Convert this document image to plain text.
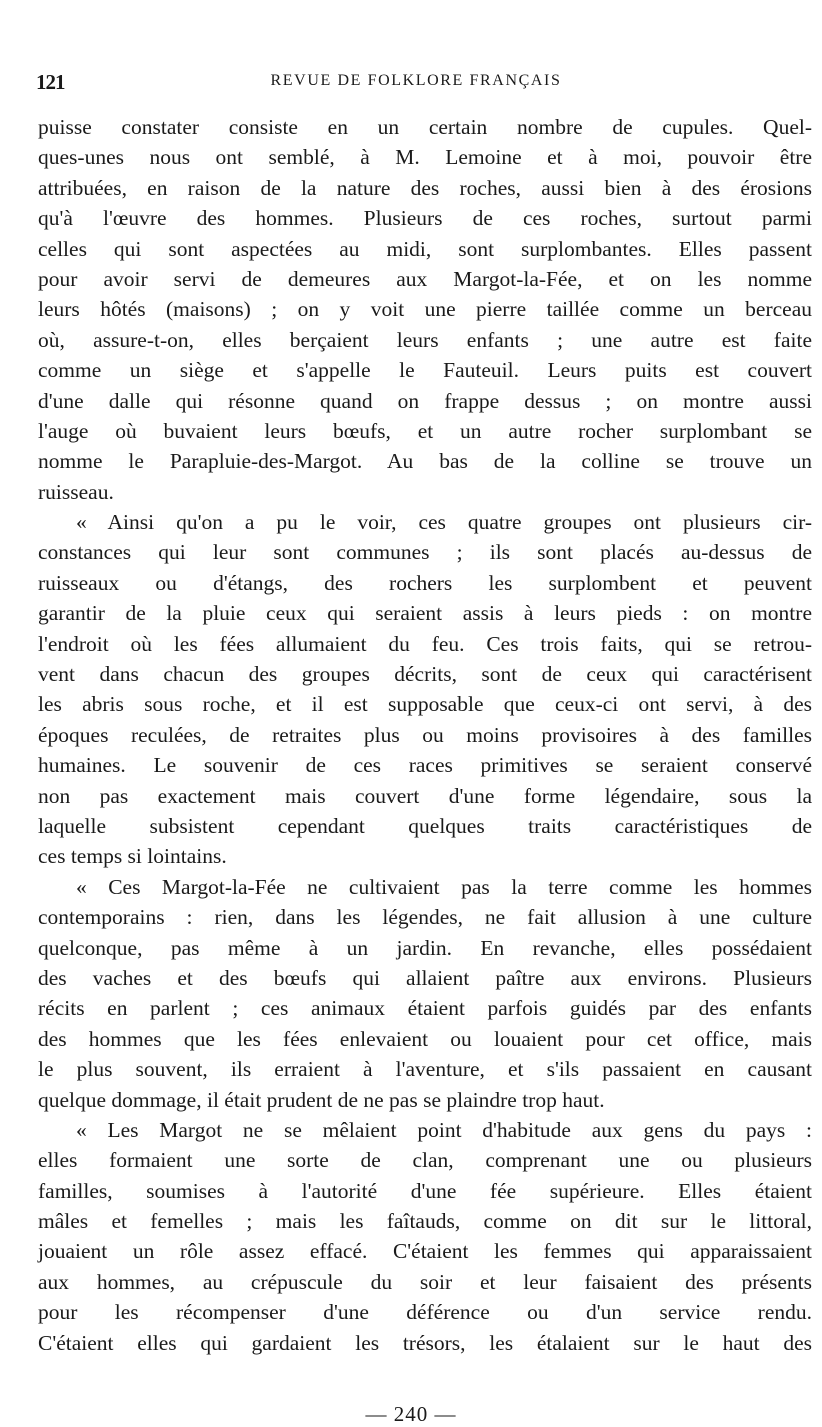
121	REVUE DE FOLKLORE FRANÇAIS
puisse constater consiste en un certain nombre de cupules. Quel-
ques-unes nous ont semblé, à M. Lemoine et à moi, pouvoir être
attribuées, en raison de la nature des roches, aussi bien à des érosions
qu'à l'œuvre des hommes. Plusieurs de ces roches, surtout parmi
celles qui sont aspectées au midi, sont surplombantes. Elles passent
pour avoir servi de demeures aux Margot-la-Fée, et on les nomme
leurs hôtés (maisons) ; on y voit une pierre taillée comme un berceau
où, assure-t-on, elles berçaient leurs enfants ; une autre est faite
comme un siège et s'appelle le Fauteuil. Leurs puits est couvert
d'une dalle qui résonne quand on frappe dessus ; on montre aussi
l'auge où buvaient leurs bœufs, et un autre rocher surplombant se
nomme le Parapluie-des-Margot. Au bas de la colline se trouve un
ruisseau.
« Ainsi qu'on a pu le voir, ces quatre groupes ont plusieurs cir-
constances qui leur sont communes ; ils sont placés au-dessus de
ruisseaux ou d'étangs, des rochers les surplombent et peuvent
garantir de la pluie ceux qui seraient assis à leurs pieds : on montre
l'endroit où les fées allumaient du feu. Ces trois faits, qui se retrou-
vent dans chacun des groupes décrits, sont de ceux qui caractérisent
les abris sous roche, et il est supposable que ceux-ci ont servi, à des
époques reculées, de retraites plus ou moins provisoires à des familles
humaines. Le souvenir de ces races primitives se seraient conservé
non pas exactement mais couvert d'une forme légendaire, sous la
laquelle subsistent cependant quelques traits caractéristiques de
ces temps si lointains.
« Ces Margot-la-Fée ne cultivaient pas la terre comme les hommes
contemporains : rien, dans les légendes, ne fait allusion à une culture
quelconque, pas même à un jardin. En revanche, elles possédaient
des vaches et des bœufs qui allaient paître aux environs. Plusieurs
récits en parlent ; ces animaux étaient parfois guidés par des enfants
des hommes que les fées enlevaient ou louaient pour cet office, mais
le plus souvent, ils erraient à l'aventure, et s'ils passaient en causant
quelque dommage, il était prudent de ne pas se plaindre trop haut.
« Les Margot ne se mêlaient point d'habitude aux gens du pays :
elles formaient une sorte de clan, comprenant une ou plusieurs
familles, soumises à l'autorité d'une fée supérieure. Elles étaient
mâles et femelles ; mais les faîtauds, comme on dit sur le littoral,
jouaient un rôle assez effacé. C'étaient les femmes qui apparaissaient
aux hommes, au crépuscule du soir et leur faisaient des présents
pour les récompenser d'une déférence ou d'un service rendu.
C'étaient elles qui gardaient les trésors, les étalaient sur le haut des
— 240 —
